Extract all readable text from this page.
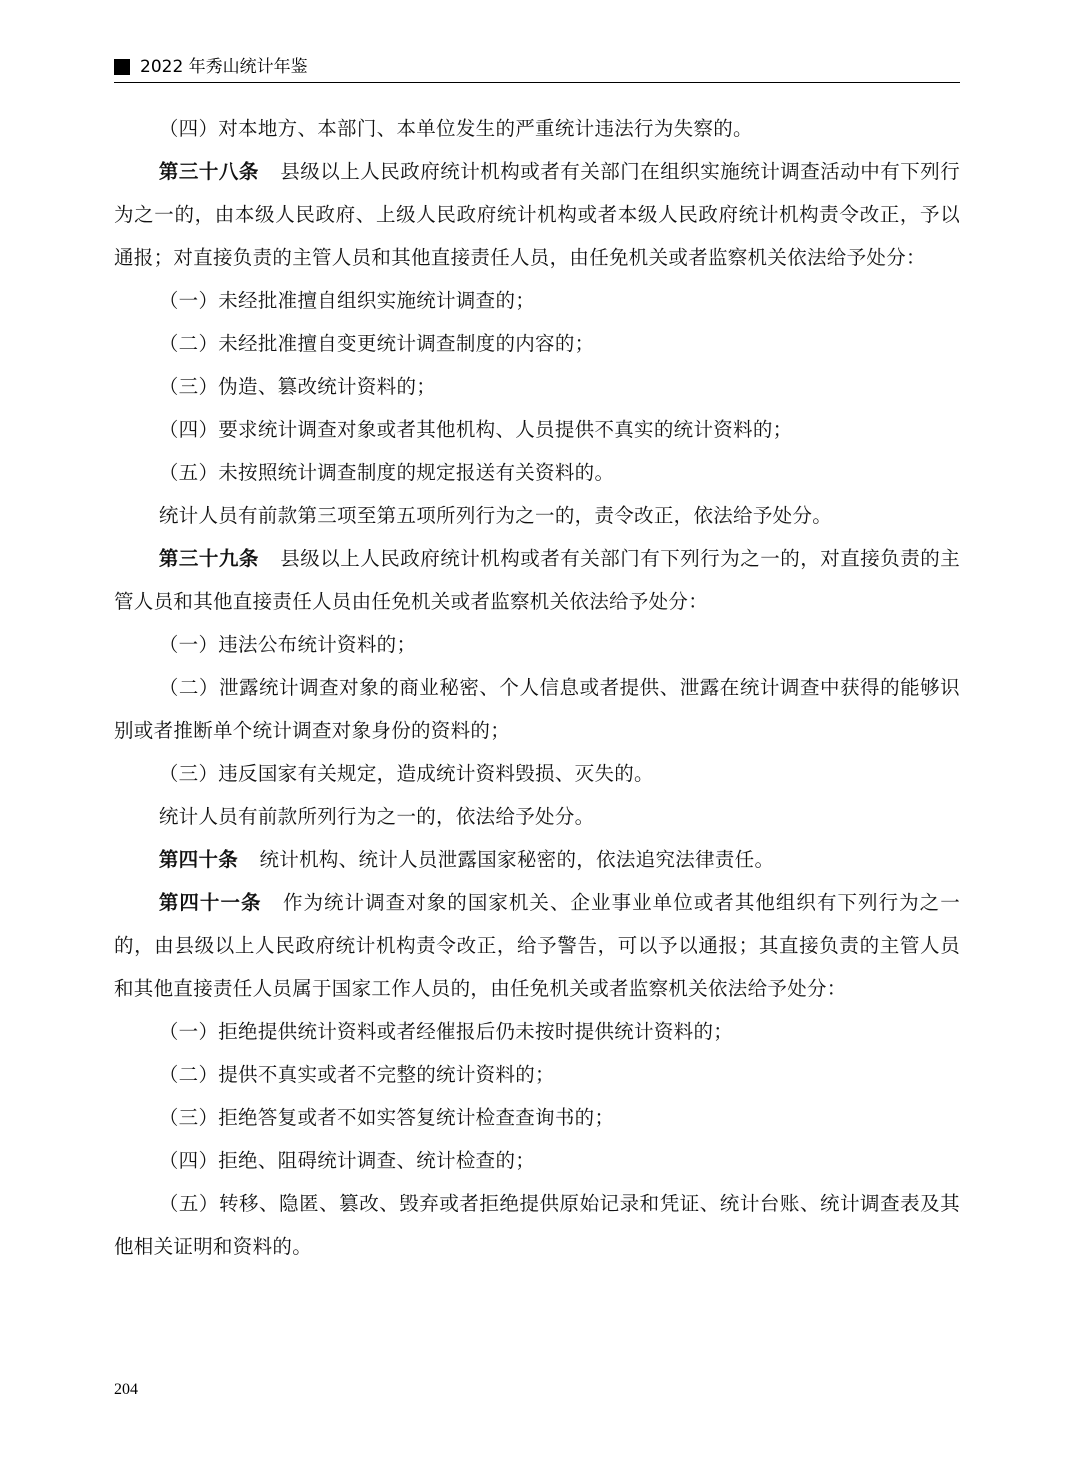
2022 年秀山统计年鉴

（四）对本地方、本部门、本单位发生的严重统计违法行为失察的。

第三十八条 县级以上人民政府统计机构或者有关部门在组织实施统计调查活动中有下列行为之一的，由本级人民政府、上级人民政府统计机构或者本级人民政府统计机构责令改正，予以通报；对直接负责的主管人员和其他直接责任人员，由任免机关或者监察机关依法给予处分：

（一）未经批准擅自组织实施统计调查的；

（二）未经批准擅自变更统计调查制度的内容的；

（三）伪造、篡改统计资料的；

（四）要求统计调查对象或者其他机构、人员提供不真实的统计资料的；

（五）未按照统计调查制度的规定报送有关资料的。

统计人员有前款第三项至第五项所列行为之一的，责令改正，依法给予处分。

第三十九条 县级以上人民政府统计机构或者有关部门有下列行为之一的，对直接负责的主管人员和其他直接责任人员由任免机关或者监察机关依法给予处分：

（一）违法公布统计资料的；

（二）泄露统计调查对象的商业秘密、个人信息或者提供、泄露在统计调查中获得的能够识别或者推断单个统计调查对象身份的资料的；

（三）违反国家有关规定，造成统计资料毁损、灭失的。

统计人员有前款所列行为之一的，依法给予处分。

第四十条 统计机构、统计人员泄露国家秘密的，依法追究法律责任。

第四十一条 作为统计调查对象的国家机关、企业事业单位或者其他组织有下列行为之一的，由县级以上人民政府统计机构责令改正，给予警告，可以予以通报；其直接负责的主管人员和其他直接责任人员属于国家工作人员的，由任免机关或者监察机关依法给予处分：

（一）拒绝提供统计资料或者经催报后仍未按时提供统计资料的；

（二）提供不真实或者不完整的统计资料的；

（三）拒绝答复或者不如实答复统计检查查询书的；

（四）拒绝、阻碍统计调查、统计检查的；

（五）转移、隐匿、篡改、毁弃或者拒绝提供原始记录和凭证、统计台账、统计调查表及其他相关证明和资料的。

204
